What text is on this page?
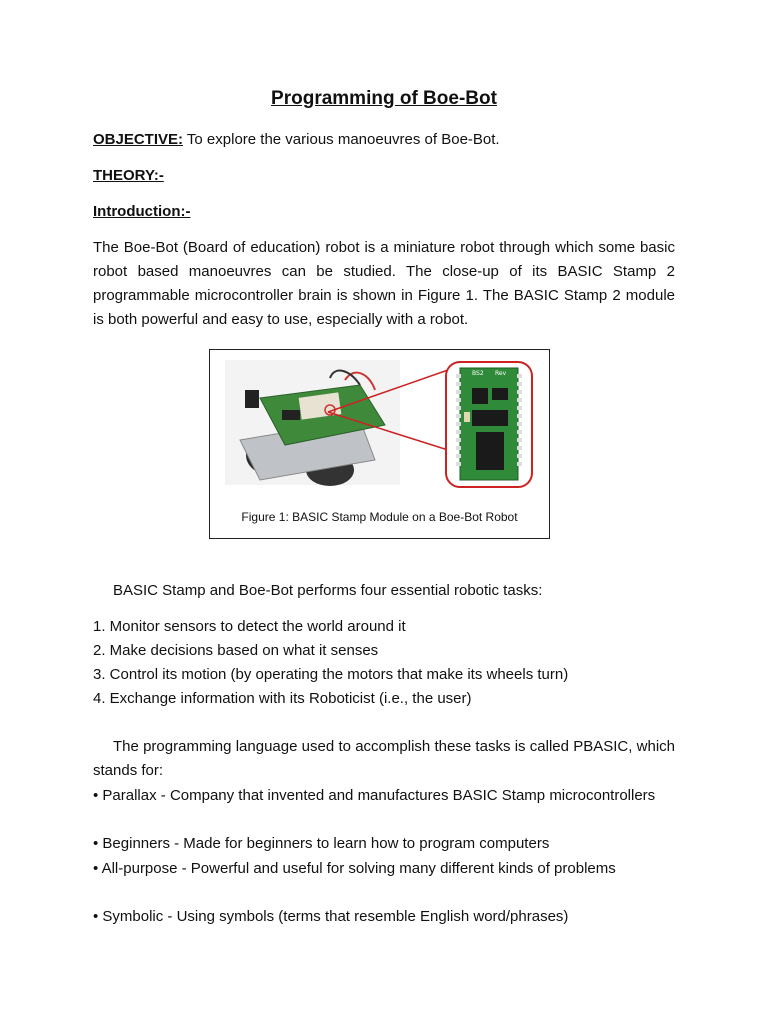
Programming of Boe-Bot
OBJECTIVE: To explore the various manoeuvres of Boe-Bot.
THEORY:-
Introduction:-
The Boe-Bot (Board of education) robot is a miniature robot through which some basic robot based manoeuvres can be studied. The close-up of its BASIC Stamp 2 programmable microcontroller brain is shown in Figure 1. The BASIC Stamp 2 module is both powerful and easy to use, especially with a robot.
BS2 Rev
Figure 1: BASIC Stamp Module on a Boe-Bot Robot
BASIC Stamp and Boe-Bot performs four essential robotic tasks:
1. Monitor sensors to detect the world around it
2. Make decisions based on what it senses
3. Control its motion (by operating the motors that make its wheels turn)
4. Exchange information with its Roboticist (i.e., the user)
The programming language used to accomplish these tasks is called PBASIC, which stands for:
• Parallax - Company that invented and manufactures BASIC Stamp microcontrollers
• Beginners - Made for beginners to learn how to program computers
• All-purpose - Powerful and useful for solving many different kinds of problems
• Symbolic - Using symbols (terms that resemble English word/phrases)
